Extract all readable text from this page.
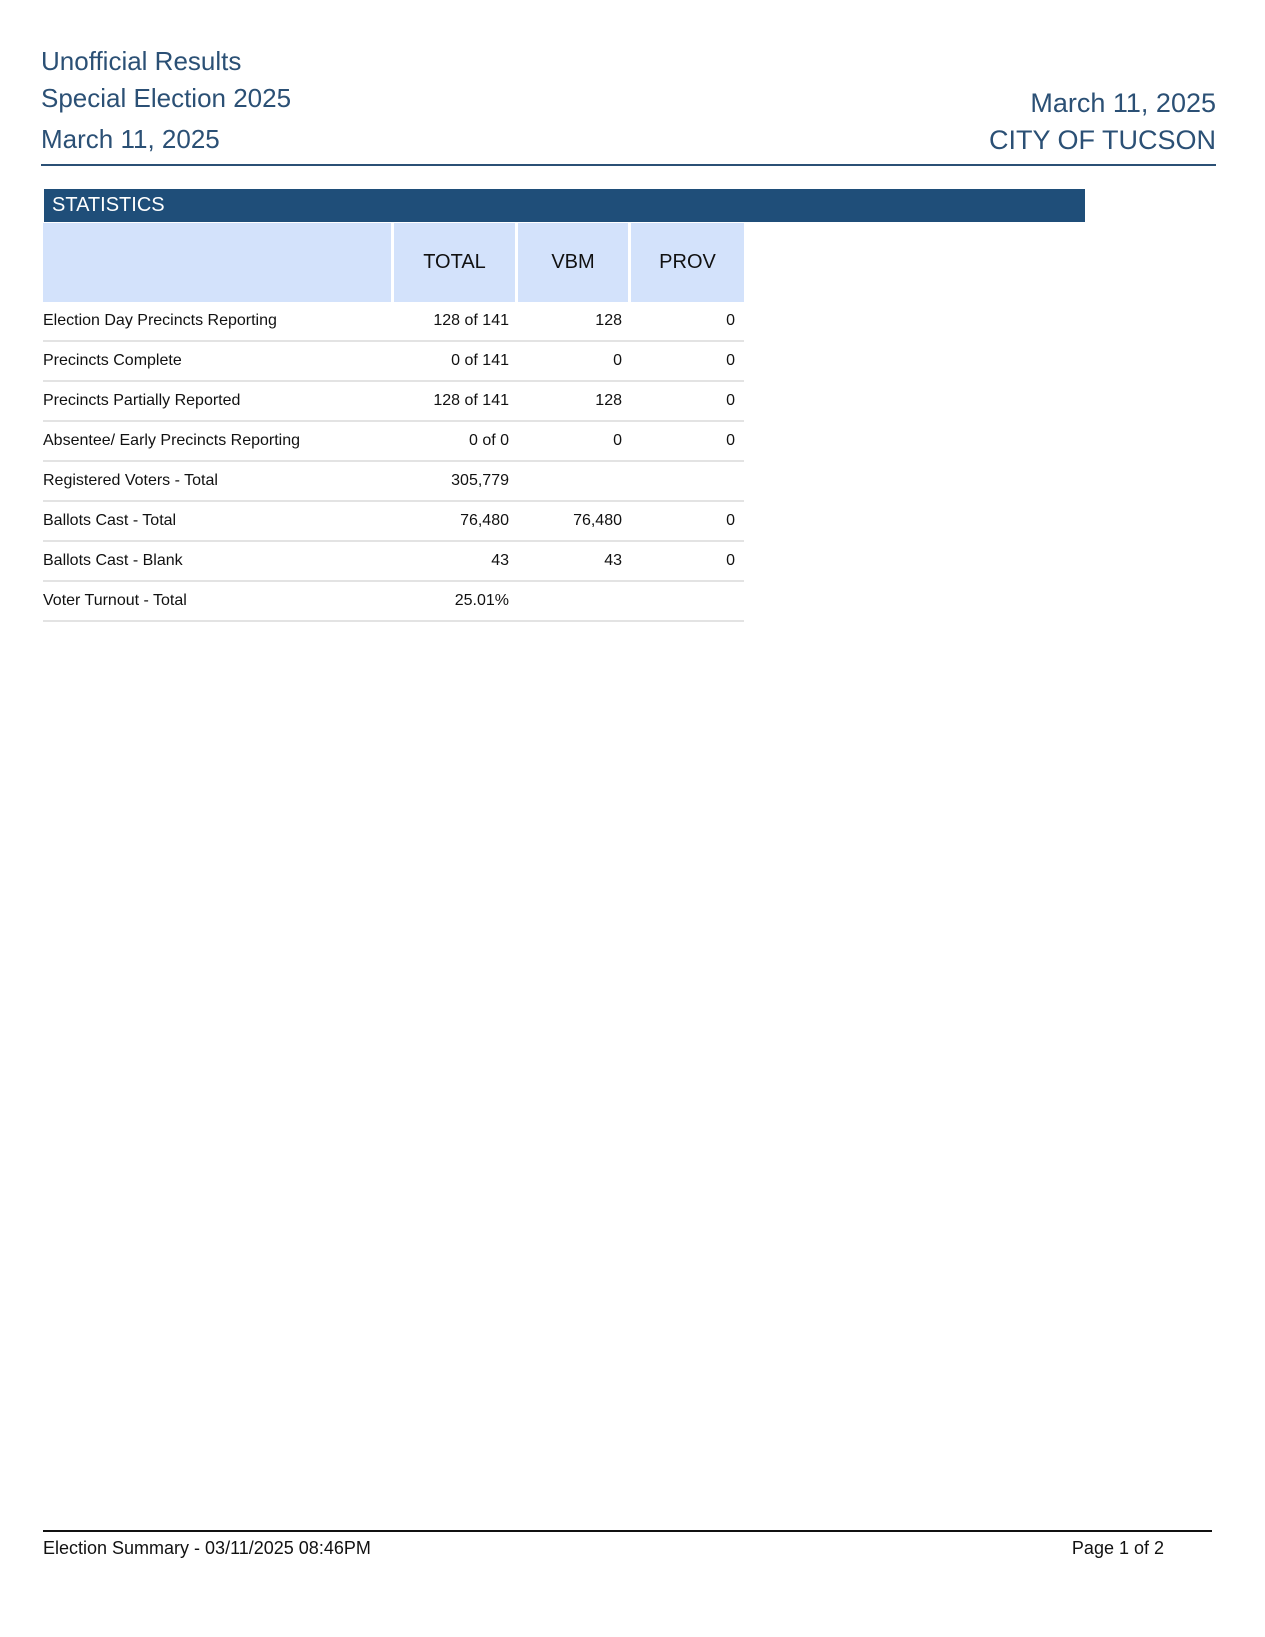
Unofficial Results
Special Election 2025
March 11, 2025
March 11, 2025
CITY OF TUCSON
STATISTICS
	TOTAL	VBM	PROV
Election Day Precincts Reporting	128 of 141	128	0
Precincts Complete	0 of 141	0	0
Precincts Partially Reported	128 of 141	128	0
Absentee/ Early Precincts Reporting	0 of 0	0	0
Registered Voters - Total	305,779		
Ballots Cast - Total	76,480	76,480	0
Ballots Cast - Blank	43	43	0
Voter Turnout - Total	25.01%		
Election Summary - 03/11/2025 08:46PM	Page 1 of 2
